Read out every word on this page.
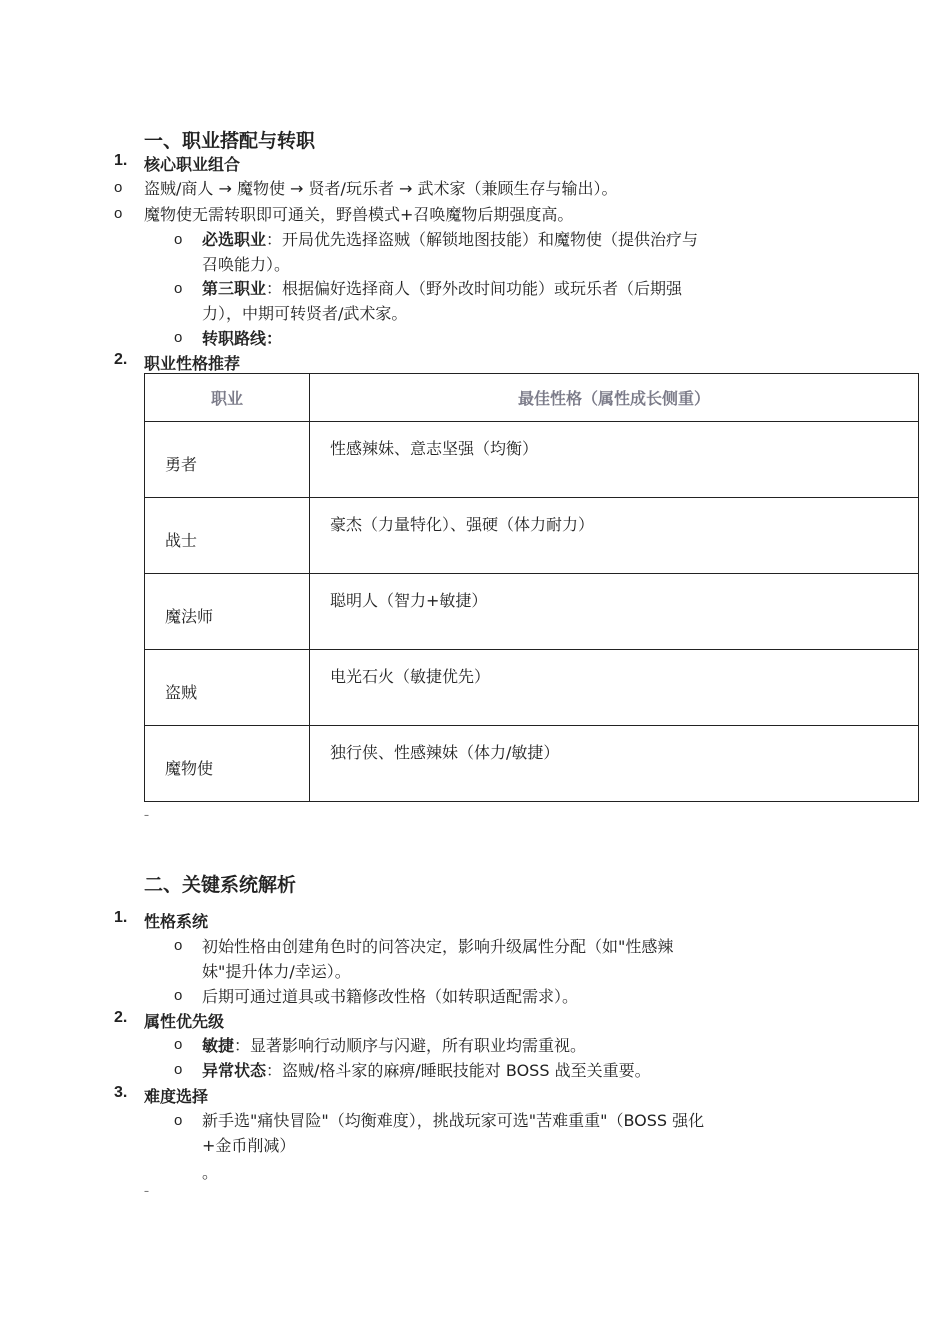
一、职业搭配与转职
1. 核心职业组合
o 盗贼/商人 → 魔物使 → 贤者/玩乐者 → 武术家（兼顾生存与输出）。
o 魔物使无需转职即可通关，野兽模式+召唤魔物后期强度高。
o 必选职业：开局优先选择盗贼（解锁地图技能）和魔物使（提供治疗与
召唤能力）。
o 第三职业：根据偏好选择商人（野外改时间功能）或玩乐者（后期强
力），中期可转贤者/武术家。
o 转职路线：
2. 职业性格推荐
职业	最佳性格（属性成长侧重）

勇者	性感辣妹、意志坚强（均衡）

战士	豪杰（力量特化）、强硬（体力耐力）

魔法师	聪明人（智力+敏捷）

盗贼	电光石火（敏捷优先）

魔物使	独行侠、性感辣妹（体力/敏捷）
–
二、关键系统解析
1. 性格系统
o 初始性格由创建角色时的问答决定，影响升级属性分配（如"性感辣
妹"提升体力/幸运）。
o 后期可通过道具或书籍修改性格（如转职适配需求）。
2. 属性优先级
o 敏捷：显著影响行动顺序与闪避，所有职业均需重视。
o 异常状态：盗贼/格斗家的麻痹/睡眠技能对 BOSS 战至关重要。
3. 难度选择
o 新手选"痛快冒险"（均衡难度），挑战玩家可选"苦难重重"（BOSS 强化
+金币削减）
。
–
